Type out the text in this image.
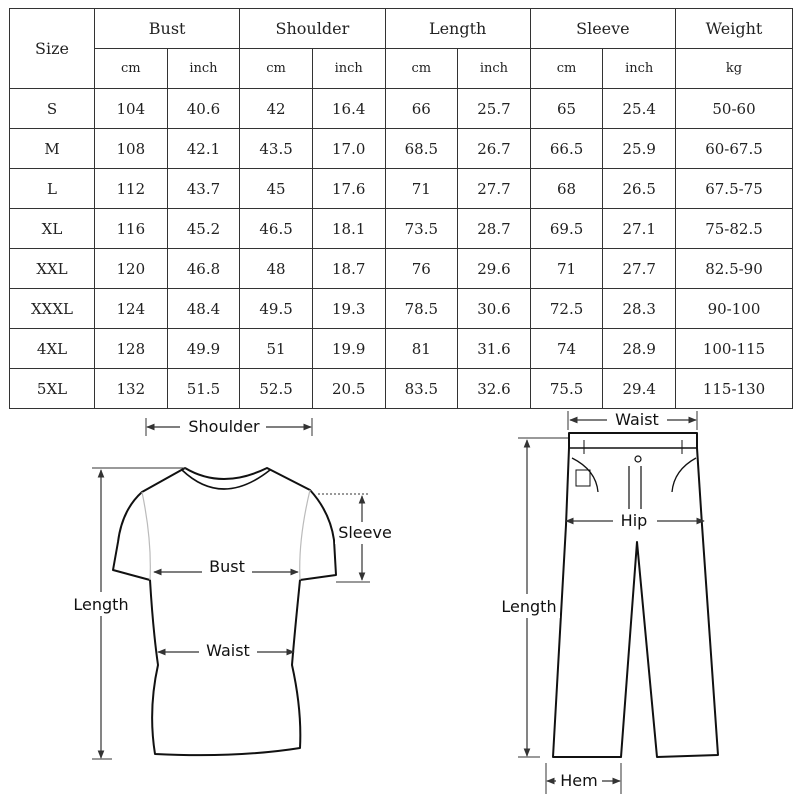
Size	Bust		Shoulder		Length		Sleeve		Weight
	cm	inch	cm	inch	cm	inch	cm	inch	kg
S	104	40.6	42	16.4	66	25.7	65	25.4	50-60
M	108	42.1	43.5	17.0	68.5	26.7	66.5	25.9	60-67.5
L	112	43.7	45	17.6	71	27.7	68	26.5	67.5-75
XL	116	45.2	46.5	18.1	73.5	28.7	69.5	27.1	75-82.5
XXL	120	46.8	48	18.7	76	29.6	71	27.7	82.5-90
XXXL	124	48.4	49.5	19.3	78.5	30.6	72.5	28.3	90-100
4XL	128	49.9	51	19.9	81	31.6	74	28.9	100-115
5XL	132	51.5	52.5	20.5	83.5	32.6	75.5	29.4	115-130
Shoulder
Sleeve
Bust
Waist
Length
Waist
Hip
Length
Hem
